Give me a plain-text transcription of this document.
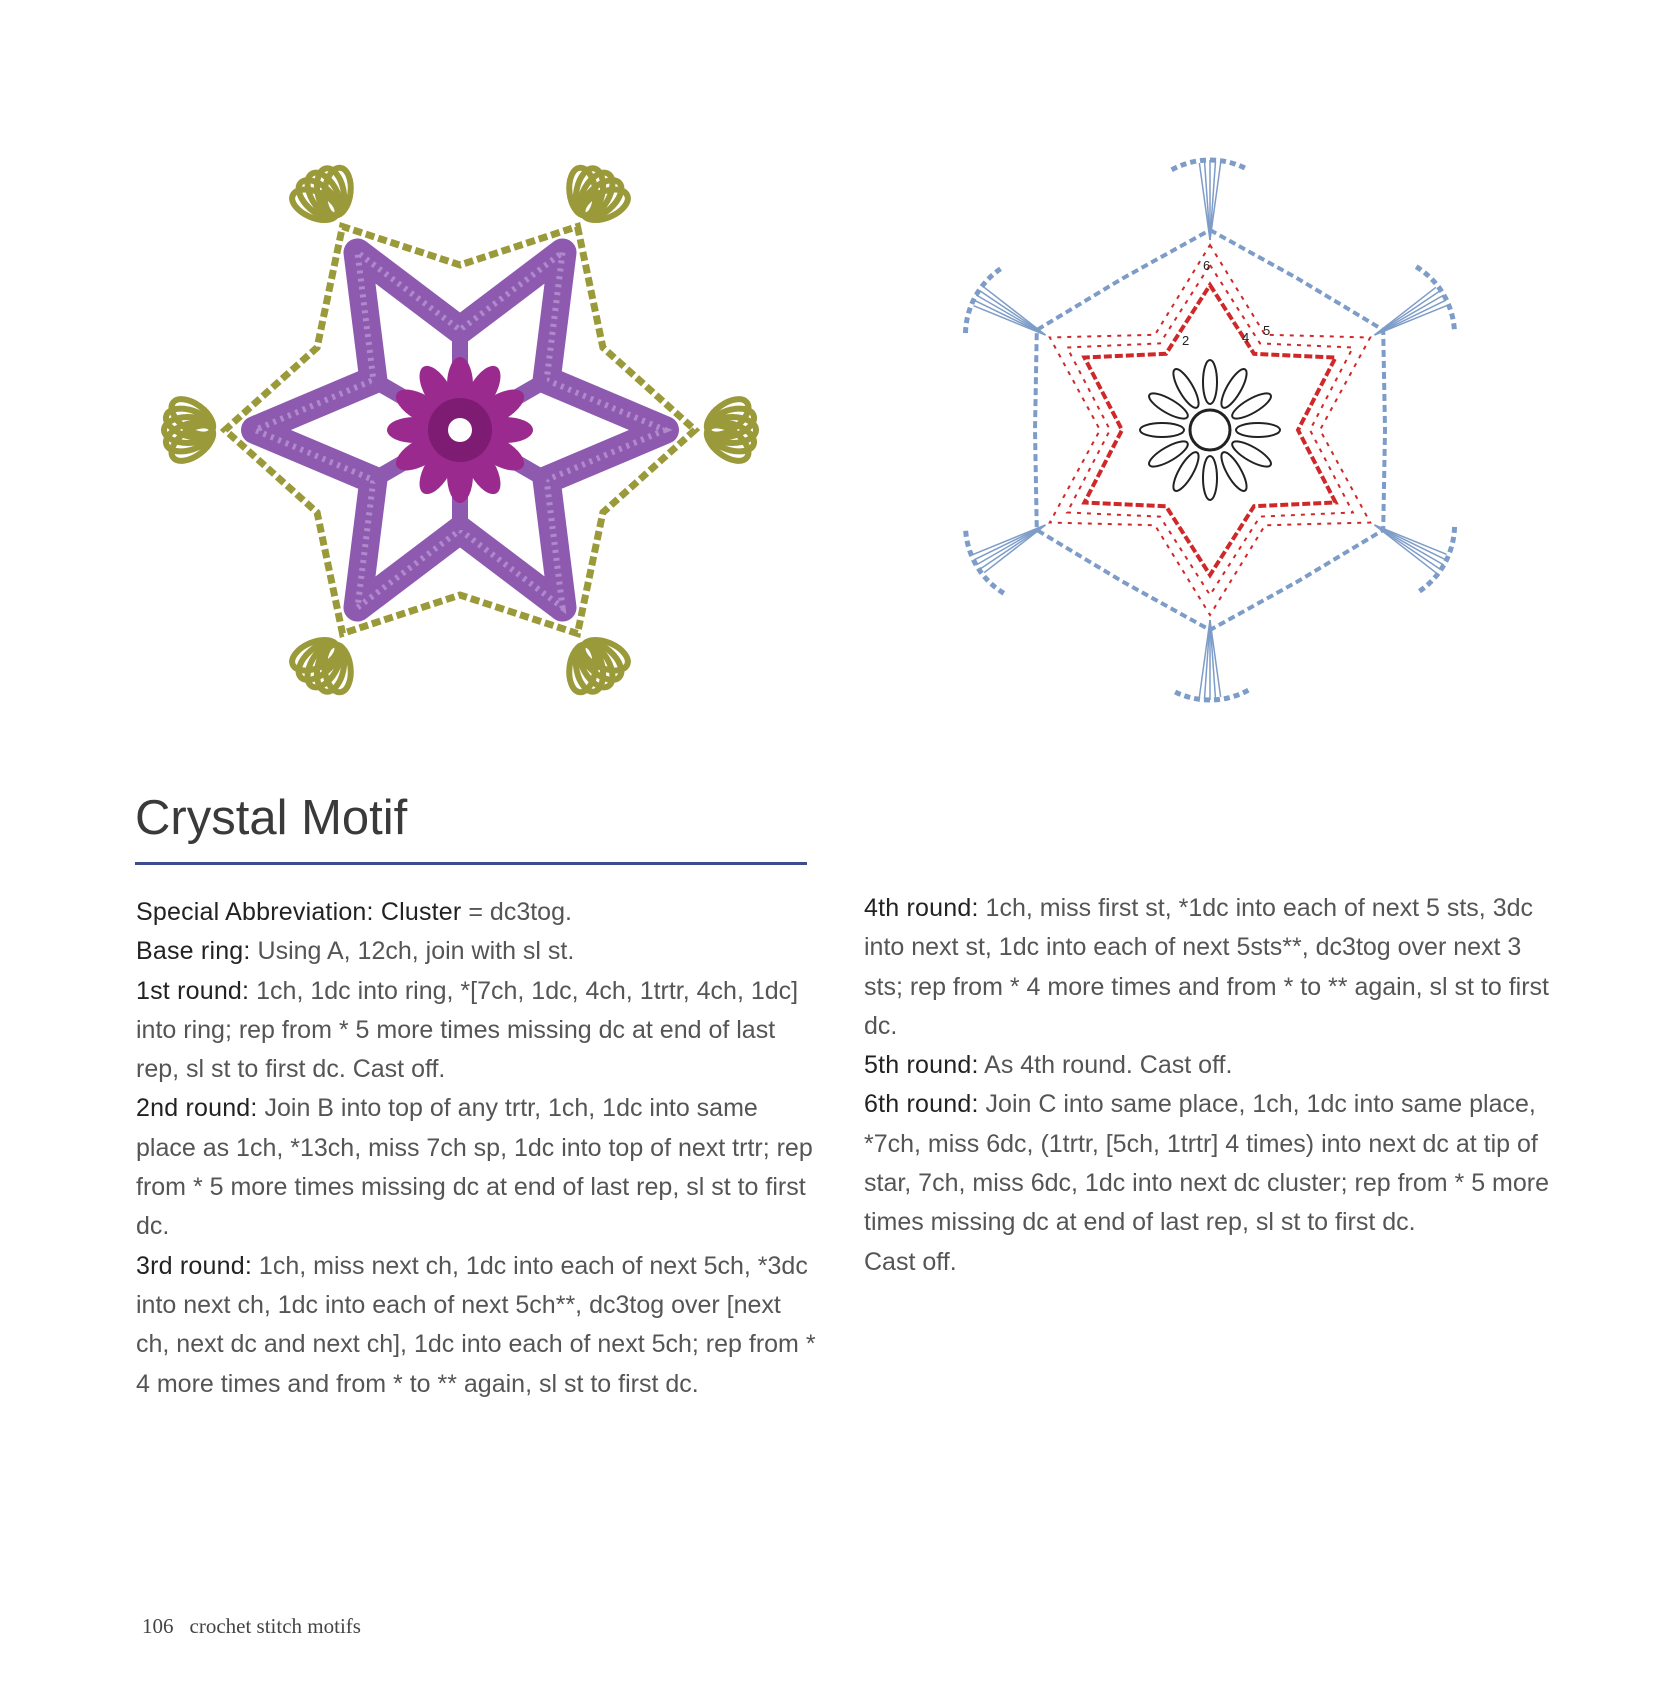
2	4 5
6
Crystal Motif

Special Abbreviation: Cluster = dc3tog.

Base ring: Using A, 12ch, join with sl st.

1st round: 1ch, 1dc into ring, *[7ch, 1dc, 4ch, 1trtr, 4ch, 1dc] into ring; rep from * 5 more times missing dc at end of last rep, sl st to first dc. Cast off.

2nd round: Join B into top of any trtr, 1ch, 1dc into same place as 1ch, *13ch, miss 7ch sp, 1dc into top of next trtr; rep from * 5 more times missing dc at end of last rep, sl st to first dc.

3rd round: 1ch, miss next ch, 1dc into each of next 5ch, *3dc into next ch, 1dc into each of next 5ch**, dc3tog over [next ch, next dc and next ch], 1dc into each of next 5ch; rep from * 4 more times and from * to ** again, sl st to first dc.

4th round: 1ch, miss first st, *1dc into each of next 5 sts, 3dc into next st, 1dc into each of next 5sts**, dc3tog over next 3 sts; rep from * 4 more times and from * to ** again, sl st to first dc.

5th round: As 4th round. Cast off.

6th round: Join C into same place, 1ch, 1dc into same place, *7ch, miss 6dc, (1trtr, [5ch, 1trtr] 4 times) into next dc at tip of star, 7ch, miss 6dc, 1dc into next dc cluster; rep from * 5 more times missing dc at end of last rep, sl st to first dc.

Cast off.

106 crochet stitch motifs
